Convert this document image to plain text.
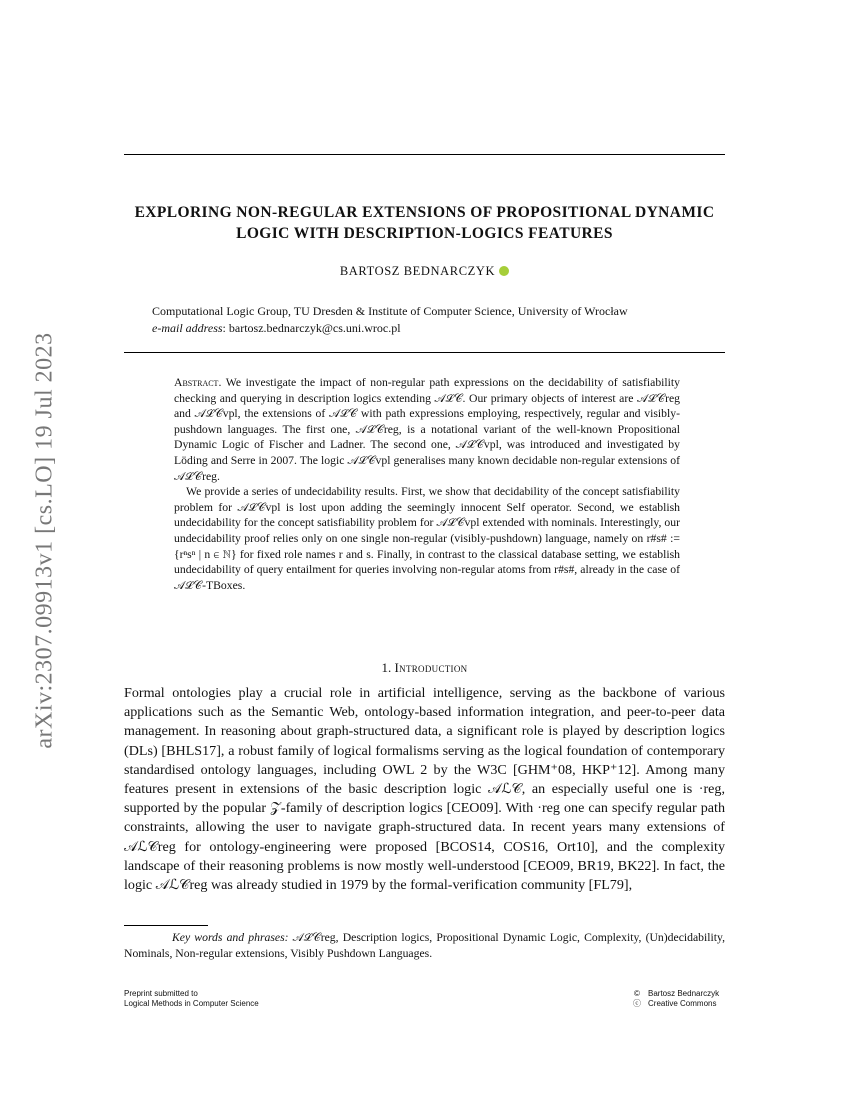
arXiv:2307.09913v1 [cs.LO] 19 Jul 2023
EXPLORING NON-REGULAR EXTENSIONS OF PROPOSITIONAL DYNAMIC LOGIC WITH DESCRIPTION-LOGICS FEATURES
BARTOSZ BEDNARCZYK
Computational Logic Group, TU Dresden & Institute of Computer Science, University of Wrocław
e-mail address: bartosz.bednarczyk@cs.uni.wroc.pl

Abstract. We investigate the impact of non-regular path expressions on the decidability of satisfiability checking and querying in description logics extending 𝒜ℒ𝒞. Our primary objects of interest are 𝒜ℒ𝒞reg and 𝒜ℒ𝒞vpl, the extensions of 𝒜ℒ𝒞 with path expressions employing, respectively, regular and visibly-pushdown languages. The first one, 𝒜ℒ𝒞reg, is a notational variant of the well-known Propositional Dynamic Logic of Fischer and Ladner. The second one, 𝒜ℒ𝒞vpl, was introduced and investigated by Löding and Serre in 2007. The logic 𝒜ℒ𝒞vpl generalises many known decidable non-regular extensions of 𝒜ℒ𝒞reg.

We provide a series of undecidability results. First, we show that decidability of the concept satisfiability problem for 𝒜ℒ𝒞vpl is lost upon adding the seemingly innocent Self operator. Second, we establish undecidability for the concept satisfiability problem for 𝒜ℒ𝒞vpl extended with nominals. Interestingly, our undecidability proof relies only on one single non-regular (visibly-pushdown) language, namely on r#s# := {rⁿsⁿ | n ∈ ℕ} for fixed role names r and s. Finally, in contrast to the classical database setting, we establish undecidability of query entailment for queries involving non-regular atoms from r#s#, already in the case of 𝒜ℒ𝒞-TBoxes.

1. Introduction

Formal ontologies play a crucial role in artificial intelligence, serving as the backbone of various applications such as the Semantic Web, ontology-based information integration, and peer-to-peer data management. In reasoning about graph-structured data, a significant role is played by description logics (DLs) [BHLS17], a robust family of logical formalisms serving as the logical foundation of contemporary standardised ontology languages, including OWL 2 by the W3C [GHM⁺08, HKP⁺12]. Among many features present in extensions of the basic description logic 𝒜ℒ𝒞, an especially useful one is ·reg, supported by the popular 𝒵-family of description logics [CEO09]. With ·reg one can specify regular path constraints, allowing the user to navigate graph-structured data. In recent years many extensions of 𝒜ℒ𝒞reg for ontology-engineering were proposed [BCOS14, COS16, Ort10], and the complexity landscape of their reasoning problems is now mostly well-understood [CEO09, BR19, BK22]. In fact, the logic 𝒜ℒ𝒞reg was already studied in 1979 by the formal-verification community [FL79],

Key words and phrases: 𝒜ℒ𝒞reg, Description logics, Propositional Dynamic Logic, Complexity, (Un)decidability, Nominals, Non-regular extensions, Visibly Pushdown Languages.
Preprint submitted to
Logical Methods in Computer Science
© Bartosz Bednarczyk
ⓒ Creative Commons
